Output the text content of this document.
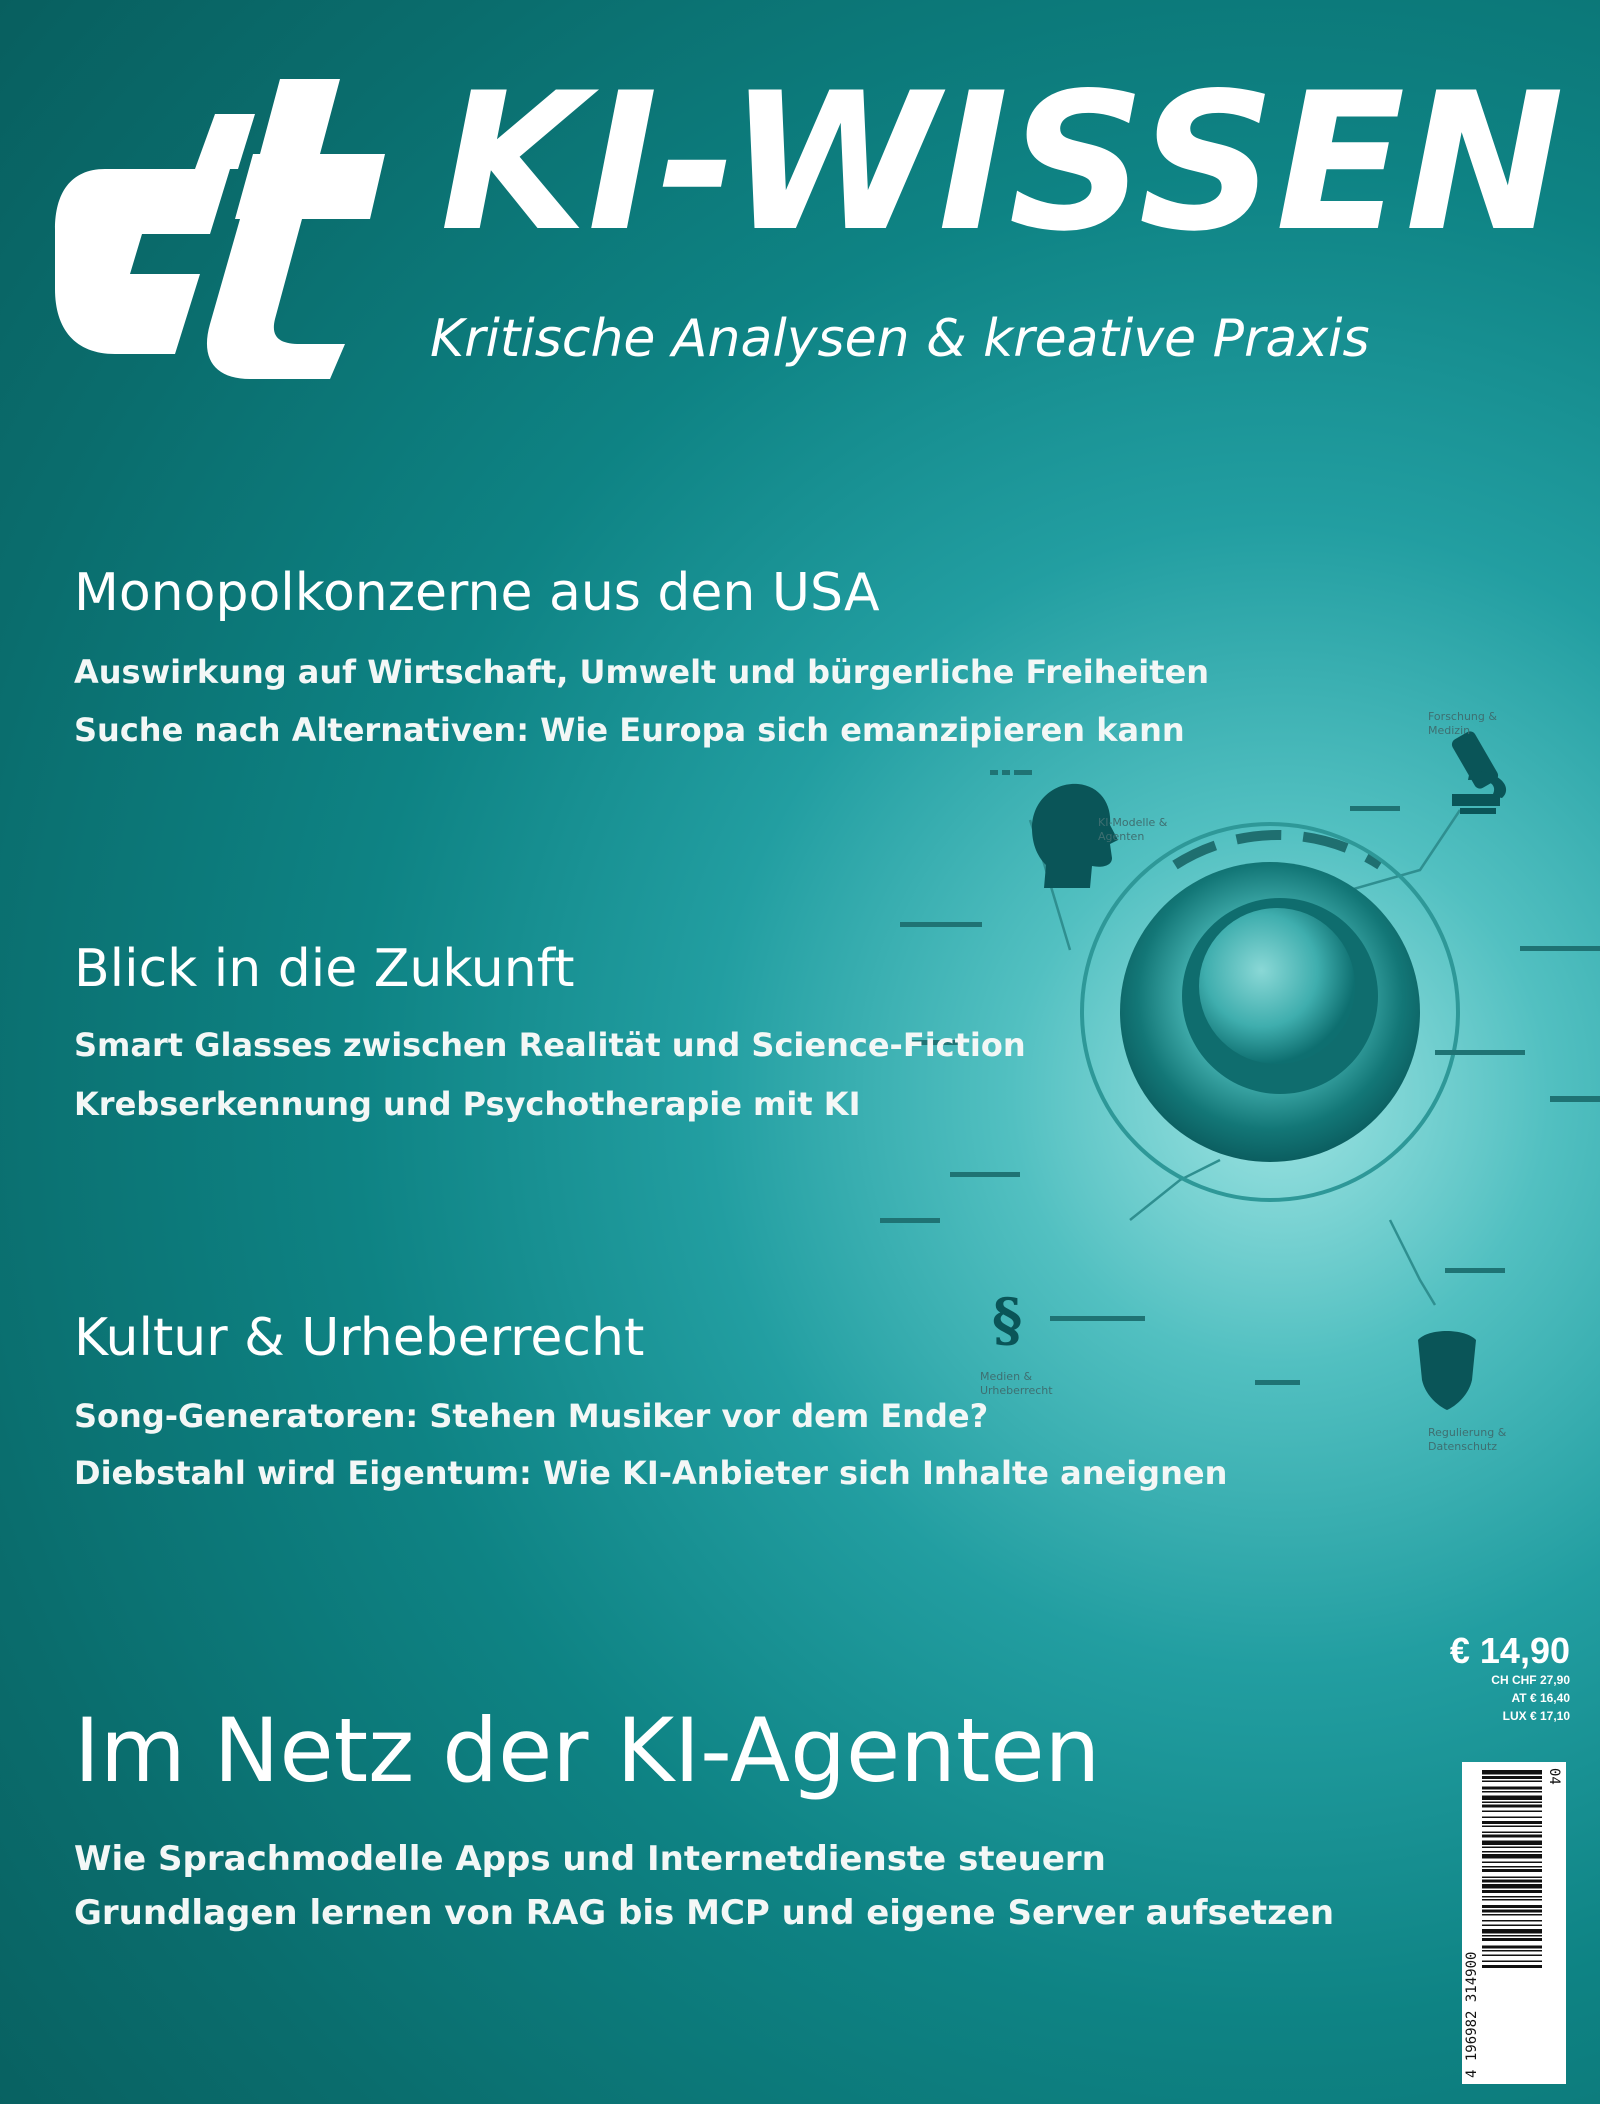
KI-WISSEN

Kritische Analysen & kreative Praxis

Forschung &
Medizin
KI-Modelle &
Agenten
§
Medien &
Urheberrecht
Regulierung &
Datenschutz
Monopolkonzerne aus den USA

Auswirkung auf Wirtschaft, Umwelt und bürgerliche Freiheiten

Suche nach Alternativen: Wie Europa sich emanzipieren kann

Blick in die Zukunft

Smart Glasses zwischen Realität und Science-Fiction

Krebserkennung und Psychotherapie mit KI

Kultur & Urheberrecht

Song-Generatoren: Stehen Musiker vor dem Ende?

Diebstahl wird Eigentum: Wie KI-Anbieter sich Inhalte aneignen

Im Netz der KI-Agenten

Wie Sprachmodelle Apps und Internetdienste steuern

Grundlagen lernen von RAG bis MCP und eigene Server aufsetzen

€ 14,90
CH CHF 27,90
AT € 16,40
LUX € 17,10
4 196982 314900
04
